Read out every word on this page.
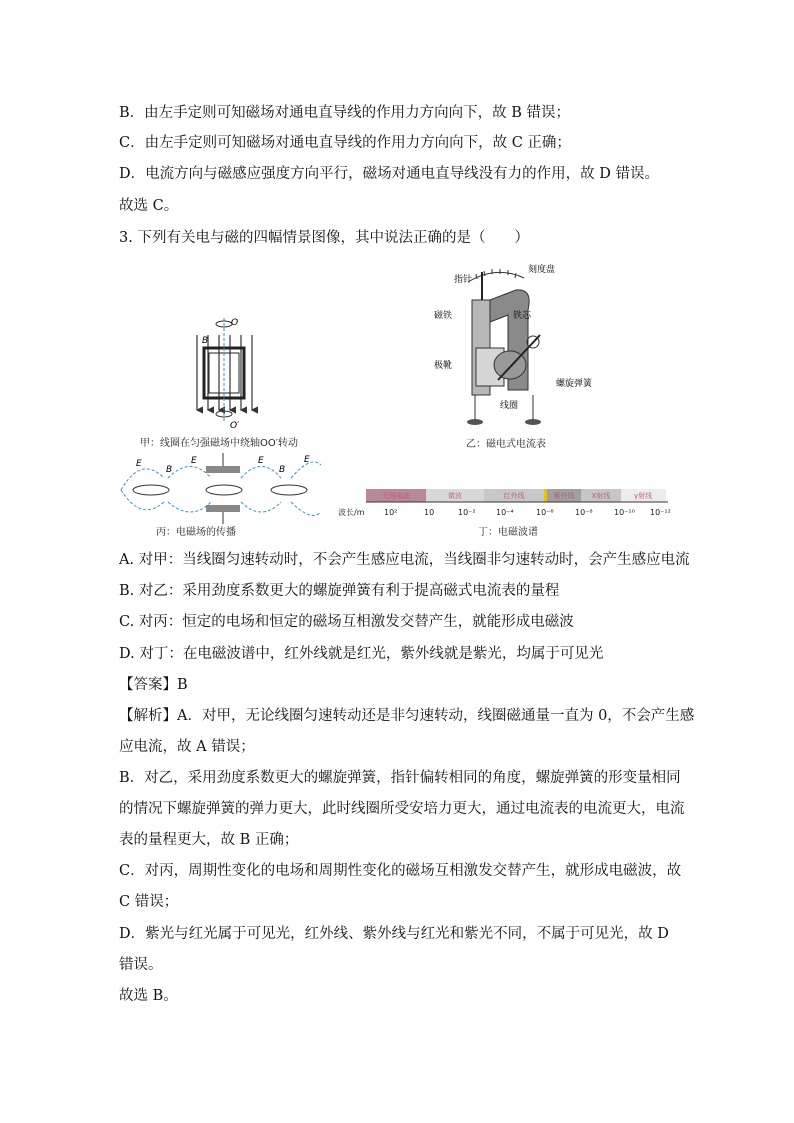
B．由左手定则可知磁场对通电直导线的作用力方向向下，故 B 错误；
C．由左手定则可知磁场对通电直导线的作用力方向向下，故 C 正确；
D．电流方向与磁感应强度方向平行，磁场对通电直导线没有力的作用，故 D 错误。
故选 C。
3. 下列有关电与磁的四幅情景图像，其中说法正确的是（　　）
O
O′
B
甲：线圈在匀强磁场中绕轴OO′转动
E
B
E	E
B
E
丙：电磁场的传播
指针
刻度盘
磁铁	铁芯
极靴
螺旋弹簧
线圈
乙：磁电式电流表
无线电波	微波	红外线	紫外线 X射线	γ射线
波长/m 10²	10	10⁻²	10⁻⁴	10⁻⁶	10⁻⁸	10⁻¹⁰ 10⁻¹²
丁：电磁波谱
A. 对甲：当线圈匀速转动时，不会产生感应电流，当线圈非匀速转动时，会产生感应电流
B. 对乙：采用劲度系数更大的螺旋弹簧有利于提高磁式电流表的量程
C. 对丙：恒定的电场和恒定的磁场互相激发交替产生，就能形成电磁波
D. 对丁：在电磁波谱中，红外线就是红光，紫外线就是紫光，均属于可见光
【答案】B
【解析】A．对甲，无论线圈匀速转动还是非匀速转动，线圈磁通量一直为 0，不会产生感
应电流，故 A 错误；
B．对乙，采用劲度系数更大的螺旋弹簧，指针偏转相同的角度，螺旋弹簧的形变量相同
的情况下螺旋弹簧的弹力更大，此时线圈所受安培力更大，通过电流表的电流更大，电流
表的量程更大，故 B 正确；
C．对丙，周期性变化的电场和周期性变化的磁场互相激发交替产生，就形成电磁波，故
C 错误；
D．紫光与红光属于可见光，红外线、紫外线与红光和紫光不同，不属于可见光，故 D
错误。
故选 B。
